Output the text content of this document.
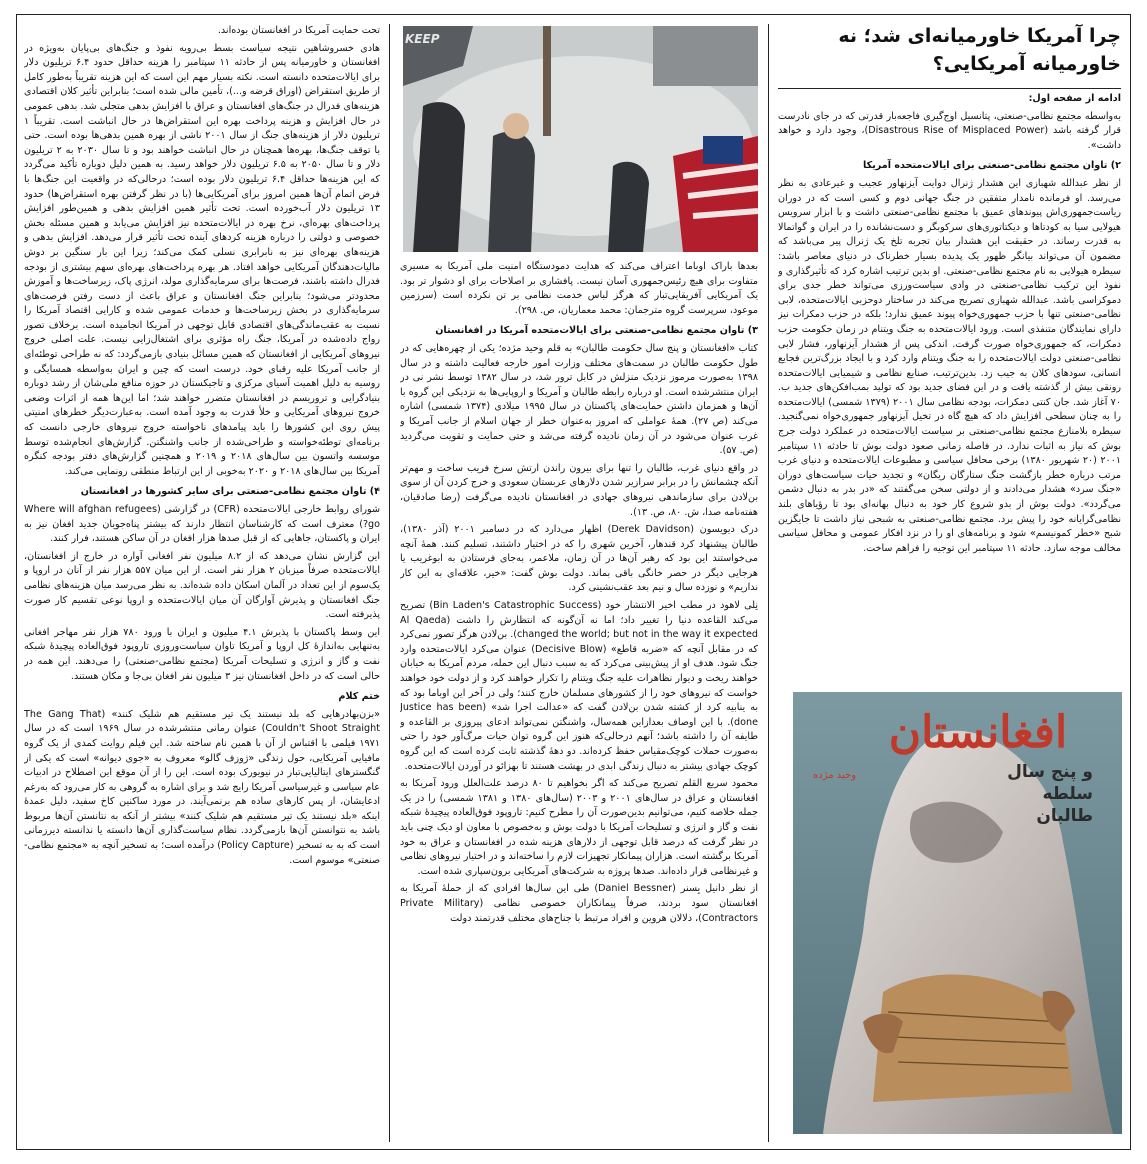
چرا آمریکا خاورمیانه‌ای شد؛ نه خاورمیانه آمریکایی؟

ادامه از صفحه اول:

به‌واسطه مجتمع نظامی-صنعتی، پتانسیل اوج‌گیری فاجعه‌بار قدرتی که در جای نادرست قرار گرفته باشد (Disastrous Rise of Misplaced Power)، وجود دارد و خواهد داشت».

۲) تاوان مجتمع نظامی-صنعتی برای ایالات‌متحده آمریکا

از نظر عبدالله شهبازی این هشدار ژنرال دوایت آیزنهاور عجیب و غیرعادی به نظر می‌رسد. او فرمانده نامدار متفقین در جنگ جهانی دوم و کسی است که در دوران ریاست‌جمهوری‌اش پیوندهای عمیق با مجتمع نظامی-صنعتی داشت و با ابزار سرویس هیولایی سیا به کودتاها و دیکتاتوری‌های سرکوبگر و دست‌نشانده را در ایران و گواتمالا به قدرت رساند. در حقیقت این هشدار بیان تجربه تلخ یک ژنرال پیر می‌باشد که مضمون آن می‌تواند بیانگر ظهور یک پدیده بسیار خطرناک در دنیای معاصر باشد: سیطره هیولایی به نام مجتمع نظامی-صنعتی. او بدین ترتیب اشاره کرد که تأثیرگذاری و نفوذ این ترکیب نظامی-صنعتی در وادی سیاست‌ورزی می‌تواند خطر جدی برای دموکراسی باشد. عبدالله شهبازی تصریح می‌کند در ساختار دوحزبی ایالات‌متحده، لابی نظامی-صنعتی تنها با حزب جمهوری‌خواه پیوند عمیق ندارد؛ بلکه در حزب دمکرات نیز دارای نمایندگان متنفذی است. ورود ایالات‌متحده به جنگ ویتنام در زمان حکومت حزب دمکرات، که جمهوری‌خواه صورت گرفت. اندکی پس از هشدار آیزنهاور، فشار لابی نظامی-صنعتی دولت ایالات‌متحده را به جنگ ویتنام وارد کرد و با ایجاد بزرگ‌ترین فجایع انسانی، سودهای کلان به جیب ‌زد. بدین‌ترتیب، صنایع نظامی و شیمیایی ایالات‌متحده رونقی بیش از گذشته یافت و در این فضای جدید بود که تولید بمب‌افکن‌های جدید ب. ۷۰ آغاز شد. جان کنتی دمکرات، بودجه نظامی سال ۲۰۰۱ (۱۳۷۹ شمسی) ایالات‌متحده را به چنان سطحی افزایش داد که هیچ گاه در تخیل آیزنهاور جمهوری‌خواه نمی‌گنجید. سیطره بلامنازع مجتمع نظامی-صنعتی بر سیاست ایالات‌متحده در عملکرد دولت جرج بوش که نیاز به اثبات ندارد. در فاصله زمانی صعود دولت بوش تا حادثه ۱۱ سپتامبر ۲۰۰۱ (۲۰ شهریور ۱۳۸۰) برخی محافل سیاسی و مطبوعات ایالات‌متحده و دنیای غرب مرتب درباره خطر بازگشت جنگ ستارگان ریگان» و تجدید حیات سیاست‌های دوران «جنگ سرد» هشدار می‌دادند و از دولتی سخن می‌گفتند که «در بدر به دنبال دشمن می‌گردد». دولت بوش از بدو شروع کار خود به دنبال بهانه‌ای بود تا رؤیاهای بلند نظامی‌گرایانه خود را پیش برد. مجتمع نظامی-صنعتی به شبحی نیاز داشت تا جایگزین شبح «خطر کمونیسم» شود و برنامه‌های او را در نزد افکار عمومی و محافل سیاسی مخالف موجه سازد. حادثه ۱۱ سپتامبر این توجیه را فراهم ساخت.

افغانستان
و پنج سال
سلطه
طالبان
وحید مژده
KEEP

بعدها باراک اوباما اعتراف می‌کند که هدایت دمودستگاه امنیت ملی آمریکا به مسیری متفاوت برای هیچ رئیس‌جمهوری آسان نیست. پافشاری بر اصلاحات برای او دشوار تر بود. یک آمریکایی آفریقایی‌تبار که هرگز لباس خدمت نظامی بر تن نکرده است (سرزمین موعود، سرپرست گروه مترجمان: محمد معماریان، ص. ۲۹۸).

۳) تاوان مجتمع نظامی-صنعتی برای ایالات‌متحده آمریکا در افغانستان

کتاب «افغانستان و پنج سال حکومت طالبان» به قلم وحید مژده؛ یکی از چهره‌هایی که در طول حکومت طالبان در سمت‌های مختلف وزارت امور خارجه فعالیت داشته و در سال ۱۳۹۸ به‌صورت مرموز نزدیک منزلش در کابل ترور شد، در سال ۱۳۸۲ توسط نشر نی در ایران منتشرشده است. او درباره رابطه طالبان و آمریکا و اروپایی‌ها به نزدیکی این گروه با آن‌ها و همزمان داشتن حمایت‌های پاکستان در سال ۱۹۹۵ میلادی (۱۳۷۴ شمسی) اشاره می‌کند (ص ۲۷). همهٔ عواملی که امروز به‌عنوان خطر از جهان اسلام از جانب آمریکا و غرب عنوان می‌شود در آن زمان نادیده گرفته می‌شد و حتی حمایت و تقویت می‌گردید (ص. ۵۷).

در واقع دنیای غرب، طالبان را تنها برای بیرون راندن ارتش سرخ فریب ساخت و مهم‌تر آنکه چشمانش را در برابر سرازیر شدن دلارهای عربستان سعودی و خرج کردن آن از سوی بن‌لادن برای سازماندهی نیروهای جهادی در افغانستان نادیده می‌گرفت (رضا صادقیان، هفته‌نامه صدا، ش. ۸۰، ص. ۱۳).

درک دیویسون (Derek Davidson) اظهار می‌دارد که در دسامبر ۲۰۰۱ (آذر ۱۳۸۰)، طالبان پیشنهاد کرد قندهار، آخرین شهری را که در اختیار داشتند، تسلیم کنند. همهٔ آنچه می‌خواستند این بود که رهبر آن‌ها در آن زمان، ملاعمر، به‌جای فرستادن به ابوغریب یا هرجایی دیگر در حصر خانگی باقی بماند. دولت بوش گفت: «خیر، علاقه‌ای به این کار نداریم» و نوزده سال و نیم بعد عقب‌نشینی کرد.

نِلی لاهود در مطب اخیر الانتشار خود (Bin Laden's Catastrophic Success) تصریح می‌کند القاعده دنیا را تغییر داد؛ اما نه آن‌گونه که انتظارش را داشت (Al Qaeda changed the world; but not in the way it expected). بن‌لادن هرگز تصور نمی‌کرد که در مقابل آنچه که «ضربه قاطع» (Decisive Blow) عنوان می‌کرد ایالات‌متحده وارد جنگ شود. هدف او از پیش‌بینی می‌کرد که به سبب دنبال این حمله، مردم آمریکا به خیابان خواهند ریخت و دیوار نظاهرات علیه جنگ ویتنام را تکرار خواهند کرد و از دولت خود خواهند خواست که نیروهای خود را از کشورهای مسلمان خارج کنند؛ ولی در آخر این اوباما بود که به ینابیه کرد از کشته شدن بن‌لادن گفت که «عدالت اجرا شد» (Justice has been done). با این اوصاف بعدازاین همه‌سال، واشنگتن نمی‌تواند ادعای پیروزی بر القاعده و طایفه آن را داشته باشد؛ آنهم درحالی‌که هنوز این گروه توان حیات مرگ‌آور خود را حتی به‌صورت حملات کوچک‌مقیاس حفظ کرده‌اند. دو دههٔ گذشته ثابت کرده است که این گروه کوچک جهادی بیشتر به دنبال زندگی ابدی در بهشت هستند تا بهزائو در آوردن ایالات‌متحده.

محمود سریع القلم تصریح می‌کند که اگر بخواهیم تا ۸۰ درصد علت‌العلل ورود آمریکا به افغانستان و عراق در سال‌های ۲۰۰۱ و ۲۰۰۳ (سال‌های ۱۳۸۰ و ۱۳۸۱ شمسی) را در یک جمله خلاصه کنیم، می‌توانیم بدین‌صورت آن را مطرح کنیم: تاروپود فوق‌العاده پیچیدهٔ شبکه نفت و گاز و انرژی و تسلیحات آمریکا با دولت بوش و به‌خصوص با معاون او دیک چنی باید در نظر گرفت که درصد قابل توجهی از دلارهای هزینه شده در افغانستان و عراق به خود آمریکا برگشته است. هزاران پیمانکار تجهیزات لازم را ساخته‌اند و در اختیار نیروهای نظامی و غیرنظامی قرار داده‌اند. صدها پروژه به شرکت‌های آمریکایی برون‌سپاری شده است.

از نظر دانیل بِسنر (Daniel Bessner) طی این سال‌ها افرادی که از حملهٔ آمریکا به افغانستان سود بردند، صرفاً پیمانکاران خصوصی نظامی (Private Military Contractors)، دلالان هروین و افراد مرتبط با جناح‌های مختلف قدرتمند دولت

تحت حمایت آمریکا در افغانستان بوده‌اند.

هادی خسروشاهین نتیجه سیاست بسط بی‌رویه نفوذ و جنگ‌های بی‌پایان به‌ویژه در افغانستان و خاورمیانه پس از حادثه ۱۱ سپتامبر را هزینه حداقل حدود ۶.۴ تریلیون دلار برای ایالات‌متحده دانسته است. نکته بسیار مهم این است که این هزینه تقریباً به‌طور کامل از طریق استقراض (اوراق قرضه و...)، تأمین مالی شده است؛ بنابراین تأثیر کلان اقتصادی هزینه‌های فدرال در جنگ‌های افغانستان و عراق با افزایش بدهی متجلی شد. بدهی عمومی در حال افزایش و هزینه پرداخت بهره این استقراض‌ها در حال انباشت است. تقریباً ۱ تریلیون دلار از هزینه‌های جنگ از سال ۲۰۰۱ ناشی از بهره همین بدهی‌ها بوده است. حتی با توقف جنگ‌ها، بهره‌ها همچنان در حال انباشت خواهند بود و تا سال ۲۰۳۰ به ۲ تریلیون دلار و تا سال ۲۰۵۰ به ۶.۵ تریلیون دلار خواهد رسید. به همین دلیل دوباره تأکید می‌گردد که این هزینه‌ها حداقل ۶.۴ تریلیون دلار بوده است؛ درحالی‌که در واقعیت این جنگ‌ها با فرض اتمام آن‌ها همین امروز برای آمریکایی‌ها (با در نظر گرفتن بهره استقراض‌ها) حدود ۱۳ تریلیون دلار آب‌خورده است. تحت تأثیر همین افزایش بدهی و همین‌طور افزایش پرداخت‌های بهره‌ای، نرخ بهره در ایالات‌متحده نیز افزایش می‌یابد و همین مسئله بخش خصوصی و دولتی را درباره هزینه کردهای آینده تحت تأثیر قرار می‌دهد. افزایش بدهی و هزینه‌های بهره‌ای نیز به نابرابری نسلی کمک می‌کند؛ زیرا این بار سنگین بر دوش مالیات‌دهندگان آمریکایی خواهد افتاد. هر بهره پرداخت‌های بهره‌ای سهم بیشتری از بودجه فدرال داشته باشند، فرصت‌ها برای سرمایه‌گذاری مولد، انرژی پاک، زیرساخت‌ها و آموزش محدودتر می‌شود؛ بنابراین جنگ افغانستان و عراق باعث از دست رفتن فرصت‌های سرمایه‌گذاری در بخش زیرساخت‌ها و خدمات عمومی شده و کارایی اقتصاد آمریکا را نسبت به عقب‌ماندگی‌های اقتصادی قابل توجهی در آمریکا انجامیده است. برخلاف تصور رواج داده‌شده در آمریکا، جنگ راه مؤثری برای اشتغال‌زایی نیست. علت اصلی خروج نیروهای آمریکایی از افغانستان که همین مسائل بنیادی بازمی‌گردد: که نه طراحی توطئه‌ای از جانب آمریکا علیه رقبای خود. درست است که چین و ایران به‌واسطه همسایگی و روسیه به دلیل اهمیت آسیای مرکزی و تاجیکستان در حوزه منافع ملی‌شان از رشد دوباره بنیادگرایی و تروریسم در افغانستان متضرر خواهند شد؛ اما این‌ها همه از اثرات وضعی خروج نیروهای آمریکایی و خلأ قدرت به وجود آمده است. به‌عبارت‌دیگر خطرهای امنیتی پیش روی این کشورها را باید پیامدهای ناخواسته خروج نیروهای خارجی دانست که برنامه‌ای توطئه‌خواسته و طراحی‌شده از جانب واشنگتن. گزارش‌های انجام‌شده توسط موسسه واتسون بین سال‌های ۲۰۱۸ و ۲۰۱۹ و همچنین گزارش‌های دفتر بودجه کنگره آمریکا بین سال‌های ۲۰۱۸ و ۲۰۲۰ به‌خوبی از این ارتباط منطقی رونمایی می‌کند.

۴) تاوان مجتمع نظامی-صنعتی برای سایر کشورها در افغانستان

شورای روابط خارجی ایالات‌متحده (CFR) در گزارشی (Where will afghan refugees go?) معترف است که کارشناسان انتظار دارند که بیشتر پناه‌جویان جدید افغان نیز به ایران و پاکستان، جاهایی که از قبل صدها هزار افغان در آن ساکن هستند، فرار کنند.

این گزارش نشان می‌دهد که از ۸.۲ میلیون نفر افغانی آواره در خارج از افغانستان، ایالات‌متحده صرفاً میزبان ۲ هزار نفر است. از این میان ۵۵۷ هزار نفر از آنان در اروپا و یک‌سوم از این تعداد در آلمان اسکان داده شده‌اند. به نظر می‌رسد میان هزینه‌های نظامی جنگ افغانستان و پذیرش آوارگان آن میان ایالات‌متحده و اروپا نوعی تقسیم کار صورت پذیرفته است.

این وسط پاکستان با پذیرش ۴.۱ میلیون و ایران با ورود ۷۸۰ هزار نفر مهاجر افغانی به‌تنهایی به‌اندازهٔ کل اروپا و آمریکا تاوان سیاست‌وروزی تاروپود فوق‌العاده پیچیدهٔ شبکه نفت و گاز و انرژی و تسلیحات آمریکا (مجتمع نظامی-صنعتی) را می‌دهند. این همه در حالی است که در داخل افغانستان نیز ۳ میلیون نفر افغان بی‌جا و مکان هستند.

ختم کلام

«بزن‌بهادرهایی که بلد نیستند یک تیر مستقیم هم شلیک کنند» (The Gang That Couldn't Shoot Straight) عنوان رمانی منتشرشده در سال ۱۹۶۹ است که در سال ۱۹۷۱ فیلمی با اقتباس از آن با همین نام ساخته شد. این فیلم روایت کمدی از یک گروه مافیایی آمریکایی، حول زندگی «ژوزف گالو» معروف به «جوی دیوانه» است که یکی از گنگسترهای ایتالیایی‌تبار در نیویورک بوده است. این را از آن موقع این اصطلاح در ادبیات عام سیاسی و غیرسیاسی آمریکا رایج شد و برای اشاره به گروهی به کار می‌رود که به‌رغم ادعایشان، از پس کارهای ساده هم برنمی‌آیند. در مورد ساکنین کاخ سفید، دلیل عمدهٔ اینکه «بلد نیستند یک تیر مستقیم هم شلیک کنند» بیشتر از آنکه به نتانستن آن‌ها مربوط باشد به نتوانستن آن‌ها بازمی‌گردد. نظام سیاست‌گذاری آن‌ها دانسته یا ندانسته دیرزمانی است که به به تسخیر (Policy Capture) درآمده است؛ به تسخیر آنچه به «مجتمع نظامی-صنعتی» موسوم است.
